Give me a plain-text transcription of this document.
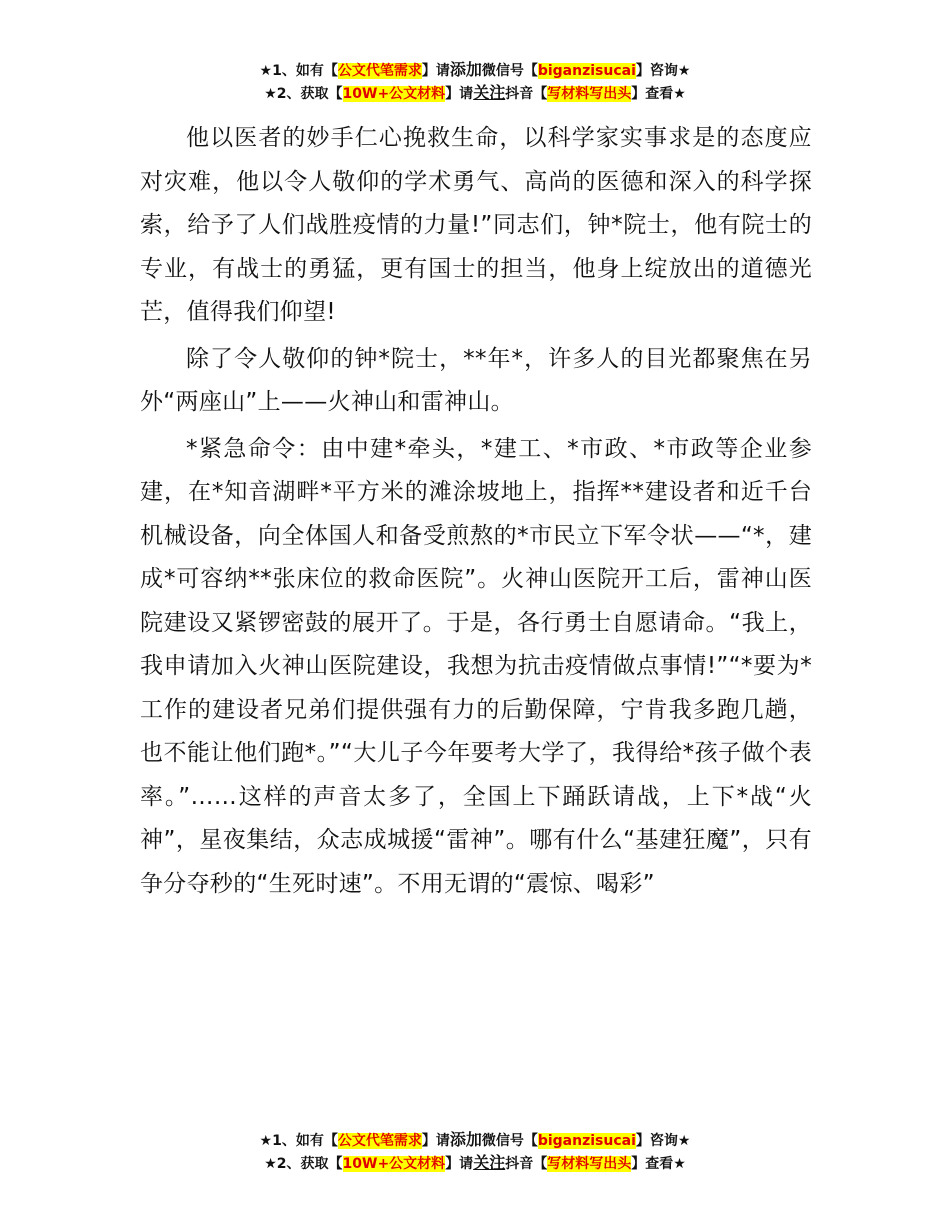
★1、如有【公文代笔需求】请添加微信号【biganzisucai】咨询★
★2、获取【10W+公文材料】请关注抖音【写材料写出头】查看★

他以医者的妙手仁心挽救生命，以科学家实事求是的态度应对灾难，他以令人敬仰的学术勇气、高尚的医德和深入的科学探索，给予了人们战胜疫情的力量!”同志们，钟*院士，他有院士的专业，有战士的勇猛，更有国士的担当，他身上绽放出的道德光芒，值得我们仰望!

除了令人敬仰的钟*院士，**年*，许多人的目光都聚焦在另外“两座山”上——火神山和雷神山。

*紧急命令：由中建*牵头，*建工、*市政、*市政等企业参建，在*知音湖畔*平方米的滩涂坡地上，指挥**建设者和近千台机械设备，向全体国人和备受煎熬的*市民立下军令状——“*，建成*可容纳**张床位的救命医院”。火神山医院开工后，雷神山医院建设又紧锣密鼓的展开了。于是，各行勇士自愿请命。“我上，我申请加入火神山医院建设，我想为抗击疫情做点事情!”“*要为*工作的建设者兄弟们提供强有力的后勤保障，宁肯我多跑几趟，也不能让他们跑*。”“大儿子今年要考大学了，我得给*孩子做个表率。”……这样的声音太多了，全国上下踊跃请战，上下*战“火神”，星夜集结，众志成城援“雷神”。哪有什么“基建狂魔”，只有争分夺秒的“生死时速”。不用无谓的“震惊、喝彩”

★1、如有【公文代笔需求】请添加微信号【biganzisucai】咨询★
★2、获取【10W+公文材料】请关注抖音【写材料写出头】查看★
